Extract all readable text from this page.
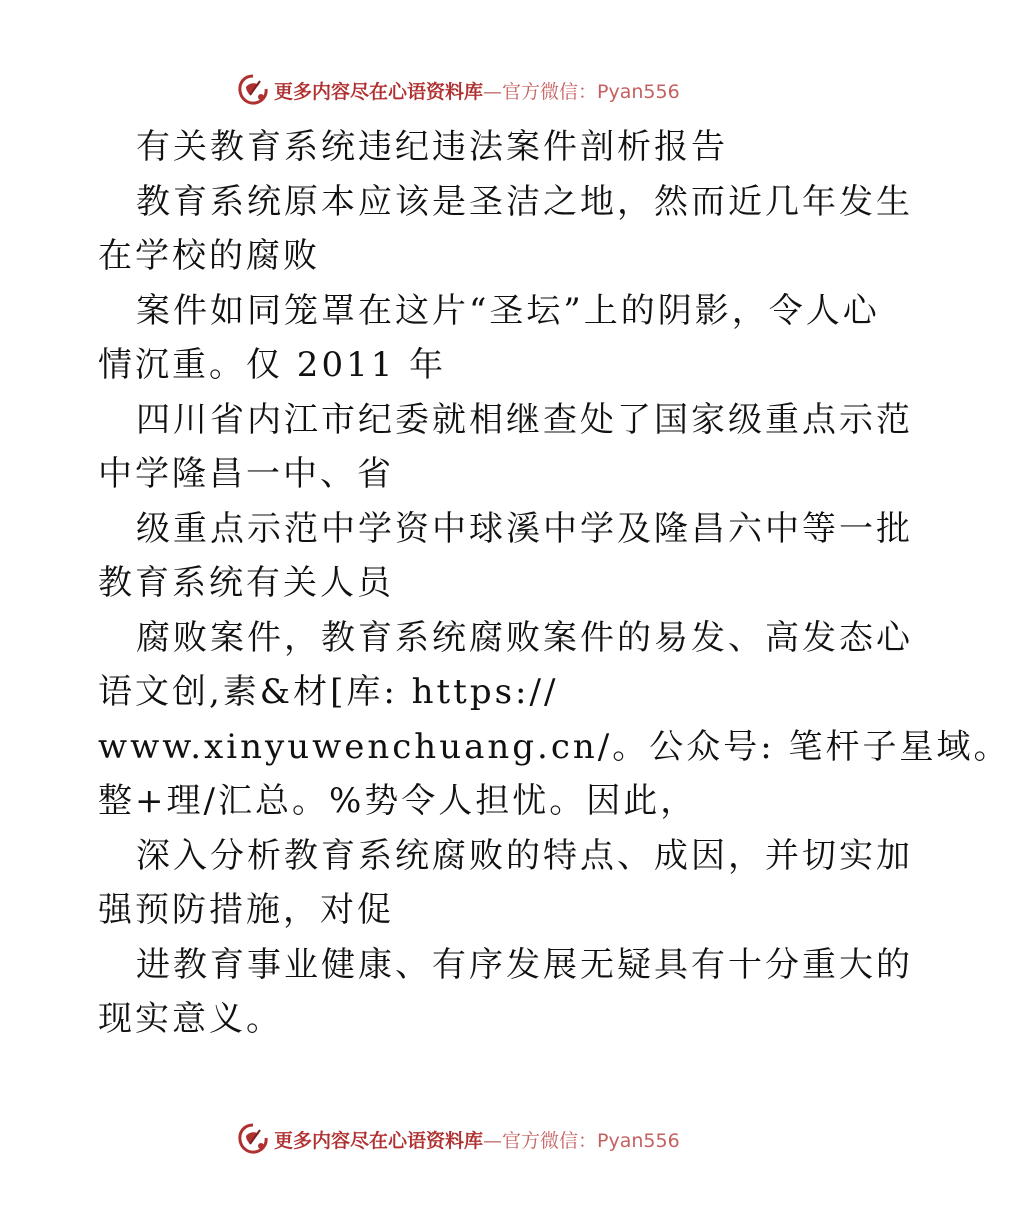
更多内容尽在心语资料库—官方微信：Pyan556
有关教育系统违纪违法案件剖析报告
教育系统原本应该是圣洁之地，然而近几年发生
在学校的腐败
案件如同笼罩在这片“圣坛”上的阴影，令人心
情沉重。仅 2011 年
四川省内江市纪委就相继查处了国家级重点示范
中学隆昌一中、省
级重点示范中学资中球溪中学及隆昌六中等一批
教育系统有关人员
腐败案件，教育系统腐败案件的易发、高发态心
语文创,素&材[库: https://
www.xinyuwenchuang.cn/。公众号: 笔杆子星域。
整+理/汇总。%势令人担忧。因此，
深入分析教育系统腐败的特点、成因，并切实加
强预防措施，对促
进教育事业健康、有序发展无疑具有十分重大的
现实意义。
更多内容尽在心语资料库—官方微信：Pyan556
